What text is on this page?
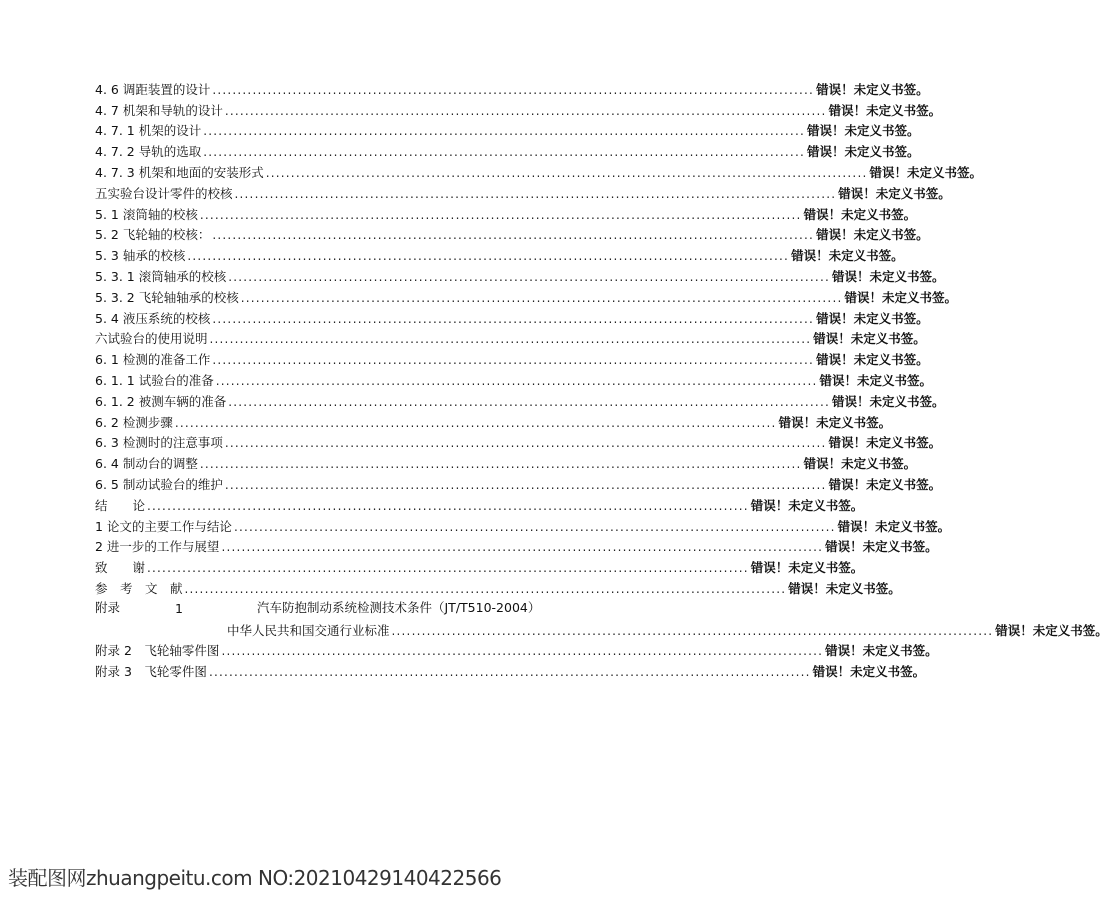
4. 6 调距装置的设计 ........................................................................................................................ 错误！未定义书签。
4. 7 机架和导轨的设计 ........................................................................................................................ 错误！未定义书签。
4. 7. 1 机架的设计 ........................................................................................................................ 错误！未定义书签。
4. 7. 2 导轨的选取 ........................................................................................................................ 错误！未定义书签。
4. 7. 3 机架和地面的安装形式 ........................................................................................................................ 错误！未定义书签。
五实验台设计零件的校核 ........................................................................................................................ 错误！未定义书签。
5. 1 滚筒轴的校核 ........................................................................................................................ 错误！未定义书签。
5. 2 飞轮轴的校核： ........................................................................................................................ 错误！未定义书签。
5. 3 轴承的校核 ........................................................................................................................ 错误！未定义书签。
5. 3. 1 滚筒轴承的校核 ........................................................................................................................ 错误！未定义书签。
5. 3. 2 飞轮轴轴承的校核 ........................................................................................................................ 错误！未定义书签。
5. 4 液压系统的校核 ........................................................................................................................ 错误！未定义书签。
六试验台的使用说明 ........................................................................................................................ 错误！未定义书签。
6. 1 检测的准备工作 ........................................................................................................................ 错误！未定义书签。
6. 1. 1 试验台的准备 ........................................................................................................................ 错误！未定义书签。
6. 1. 2 被测车辆的准备 ........................................................................................................................ 错误！未定义书签。
6. 2 检测步骤 ........................................................................................................................ 错误！未定义书签。
6. 3 检测时的注意事项 ........................................................................................................................ 错误！未定义书签。
6. 4 制动台的调整 ........................................................................................................................ 错误！未定义书签。
6. 5 制动试验台的维护 ........................................................................................................................ 错误！未定义书签。
结　　论 ........................................................................................................................ 错误！未定义书签。
1 论文的主要工作与结论 ........................................................................................................................ 错误！未定义书签。
2 进一步的工作与展望 ........................................................................................................................ 错误！未定义书签。
致　　谢 ........................................................................................................................ 错误！未定义书签。
参　考　文　献 ........................................................................................................................ 错误！未定义书签。
附录	1	汽车防抱制动系统检测技术条件（JT/T510-2004）
中华人民共和国交通行业标准 ........................................................................................................................ 错误！未定义书签。
附录 2　飞轮轴零件图 ........................................................................................................................ 错误！未定义书签。
附录 3　飞轮零件图 ........................................................................................................................ 错误！未定义书签。
装配图网zhuangpeitu.com NO:20210429140422566
